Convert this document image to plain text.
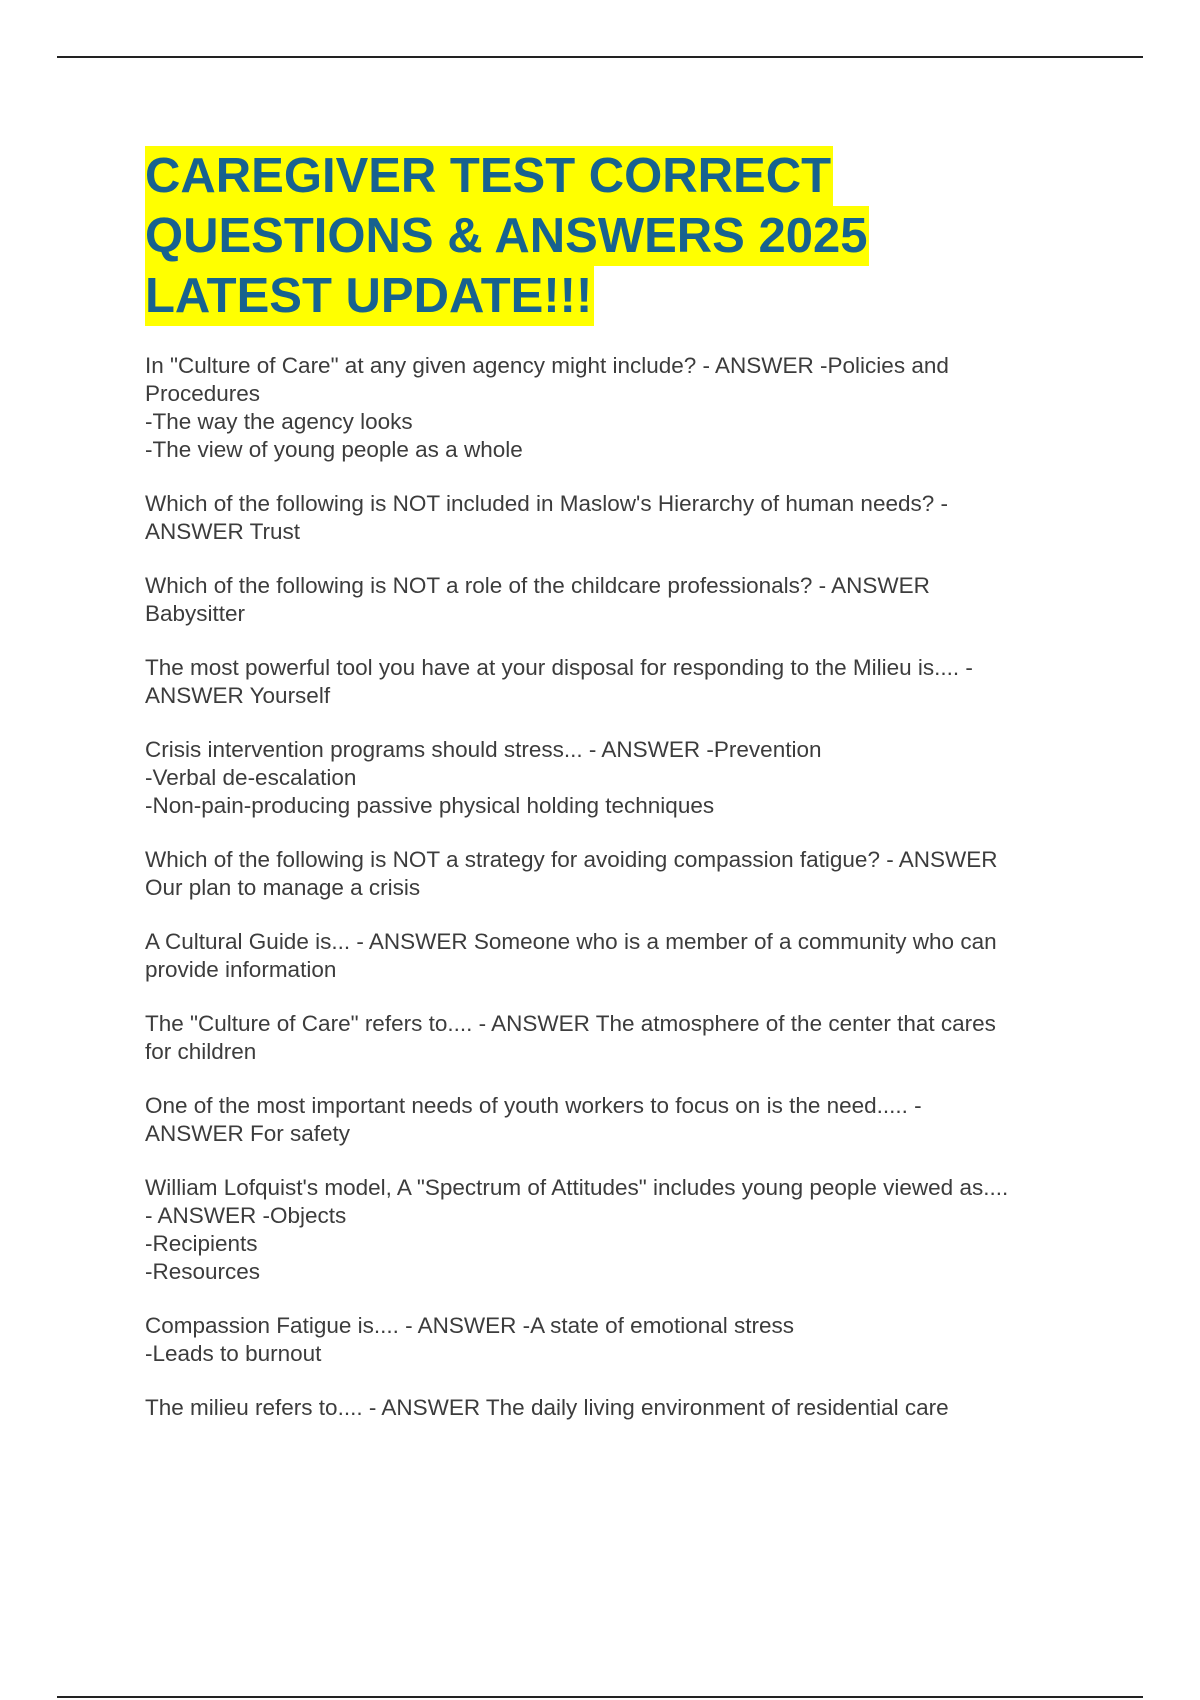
CAREGIVER TEST CORRECT
QUESTIONS & ANSWERS 2025
LATEST UPDATE!!!
In "Culture of Care" at any given agency might include? - ANSWER -Policies and
Procedures
-The way the agency looks
-The view of young people as a whole
Which of the following is NOT included in Maslow's Hierarchy of human needs? -
ANSWER Trust
Which of the following is NOT a role of the childcare professionals? - ANSWER
Babysitter
The most powerful tool you have at your disposal for responding to the Milieu is.... -
ANSWER Yourself
Crisis intervention programs should stress... - ANSWER -Prevention
-Verbal de-escalation
-Non-pain-producing passive physical holding techniques
Which of the following is NOT a strategy for avoiding compassion fatigue? - ANSWER
Our plan to manage a crisis
A Cultural Guide is... - ANSWER Someone who is a member of a community who can
provide information
The "Culture of Care" refers to.... - ANSWER The atmosphere of the center that cares
for children
One of the most important needs of youth workers to focus on is the need..... -
ANSWER For safety
William Lofquist's model, A "Spectrum of Attitudes" includes young people viewed as....
- ANSWER -Objects
-Recipients
-Resources
Compassion Fatigue is.... - ANSWER -A state of emotional stress
-Leads to burnout
The milieu refers to.... - ANSWER The daily living environment of residential care
